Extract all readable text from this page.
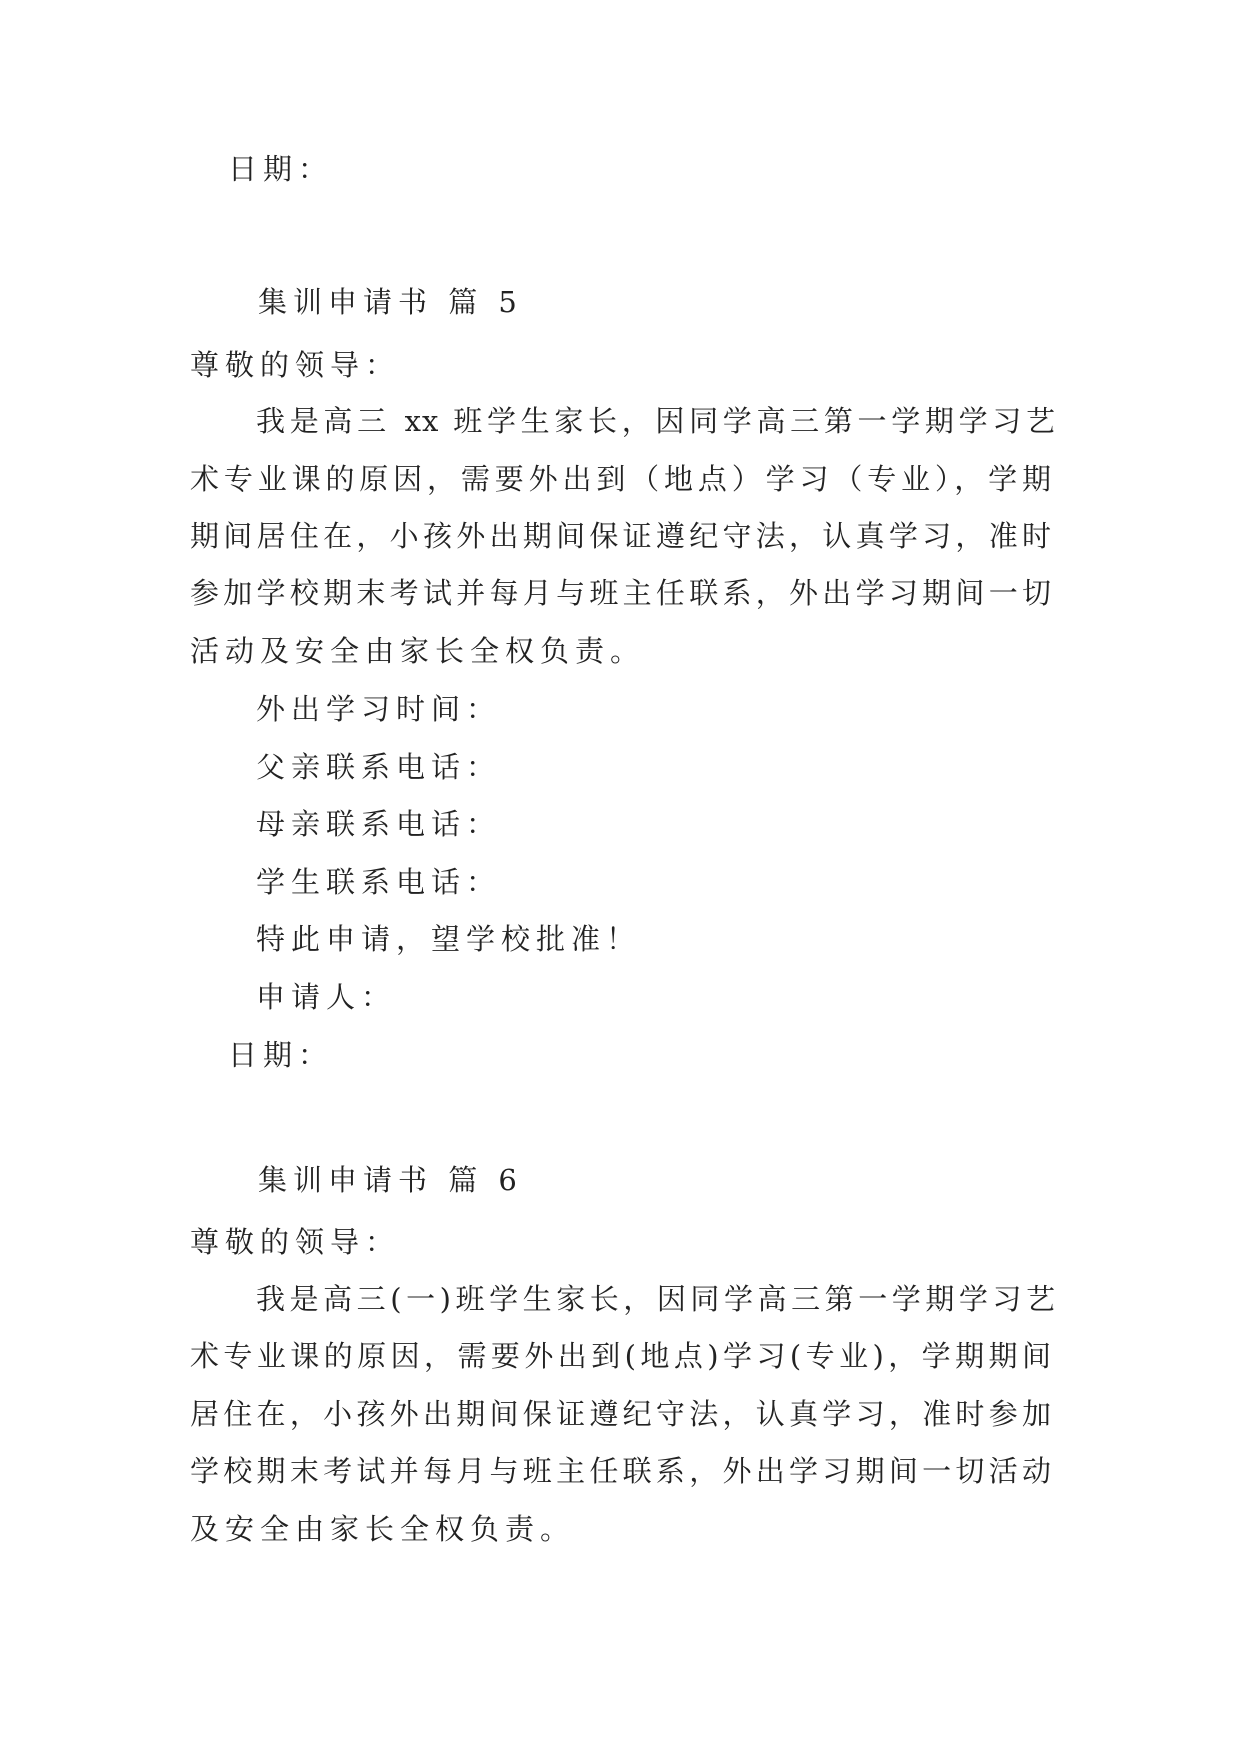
日期：

集训申请书 篇 5

尊敬的领导：

我是高三 xx 班学生家长，因同学高三第一学期学习艺

术专业课的原因，需要外出到（地点）学习（专业），学期

期间居住在，小孩外出期间保证遵纪守法，认真学习，准时

参加学校期末考试并每月与班主任联系，外出学习期间一切

活动及安全由家长全权负责。

外出学习时间：

父亲联系电话：

母亲联系电话：

学生联系电话：

特此申请，望学校批准！

申请人：

日期：

集训申请书 篇 6

尊敬的领导：

我是高三(一)班学生家长，因同学高三第一学期学习艺

术专业课的原因，需要外出到(地点)学习(专业)，学期期间

居住在，小孩外出期间保证遵纪守法，认真学习，准时参加

学校期末考试并每月与班主任联系，外出学习期间一切活动

及安全由家长全权负责。
